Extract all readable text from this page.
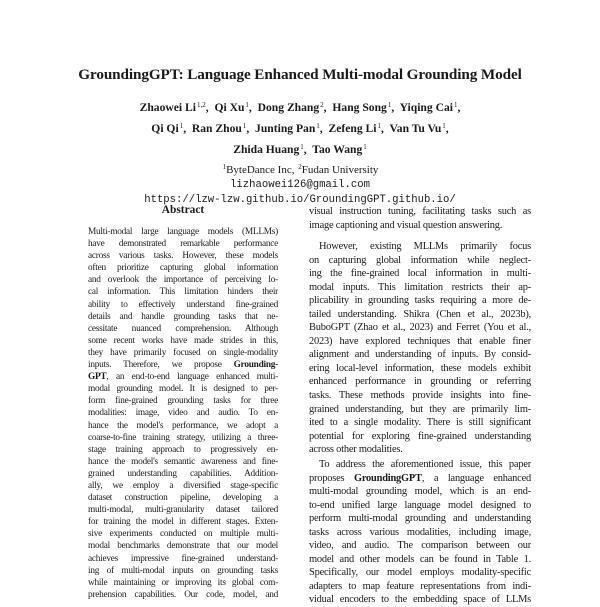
GroundingGPT: Language Enhanced Multi-modal Grounding Model
Zhaowei Li$^{1,2}$,  Qi Xu$^1$,  Dong Zhang$^2$,  Hang Song$^1$,  Yiqing Cai$^1$,
Qi Qi$^1$,  Ran Zhou$^1$,  Junting Pan$^1$,  Zefeng Li$^1$,  Van Tu Vu$^1$,
Zhida Huang$^1$,  Tao Wang$^1$
$^1$ByteDance Inc, $^2$Fudan University
lizhaowei126@gmail.com
https://lzw-lzw.github.io/GroundingGPT.github.io/
Abstract
Multi-modal large language models (MLLMs)
have demonstrated remarkable performance
across various tasks. However, these models
often prioritize capturing global information
and overlook the importance of perceiving lo-
cal information. This limitation hinders their
ability to effectively understand fine-grained
details and handle grounding tasks that ne-
cessitate nuanced comprehension. Although
some recent works have made strides in this,
they have primarily focused on single-modality
inputs. Therefore, we propose Grounding-
GPT, an end-to-end language enhanced multi-
modal grounding model. It is designed to per-
form fine-grained grounding tasks for three
modalities: image, video and audio. To en-
hance the model's performance, we adopt a
coarse-to-fine training strategy, utilizing a three-
stage training approach to progressively en-
hance the model's semantic awareness and fine-
grained understanding capabilities. Addition-
ally, we employ a diversified stage-specific
dataset construction pipeline, developing a
multi-modal, multi-granularity dataset tailored
for training the model in different stages. Exten-
sive experiments conducted on multiple multi-
modal benchmarks demonstrate that our model
achieves impressive fine-grained understand-
ing of multi-modal inputs on grounding tasks
while maintaining or improving its global com-
prehension capabilities. Our code, model, and
visual instruction tuning, facilitating tasks such as
image captioning and visual question answering.
However, existing MLLMs primarily focus
on capturing global information while neglect-
ing the fine-grained local information in multi-
modal inputs. This limitation restricts their ap-
plicability in grounding tasks requiring a more de-
tailed understanding. Shikra (Chen et al., 2023b),
BuboGPT (Zhao et al., 2023) and Ferret (You et al.,
2023) have explored techniques that enable finer
alignment and understanding of inputs. By consid-
ering local-level information, these models exhibit
enhanced performance in grounding or referring
tasks. These methods provide insights into fine-
grained understanding, but they are primarily lim-
ited to a single modality. There is still significant
potential for exploring fine-grained understanding
across other modalities.
To address the aforementioned issue, this paper
proposes GroundingGPT, a language enhanced
multi-modal grounding model, which is an end-
to-end unified large language model designed to
perform multi-modal grounding and understanding
tasks across various modalities, including image,
video, and audio. The comparison between our
model and other models can be found in Table 1.
Specifically, our model employs modality-specific
adapters to map feature representations from indi-
vidual encoders to the embedding space of LLMs
